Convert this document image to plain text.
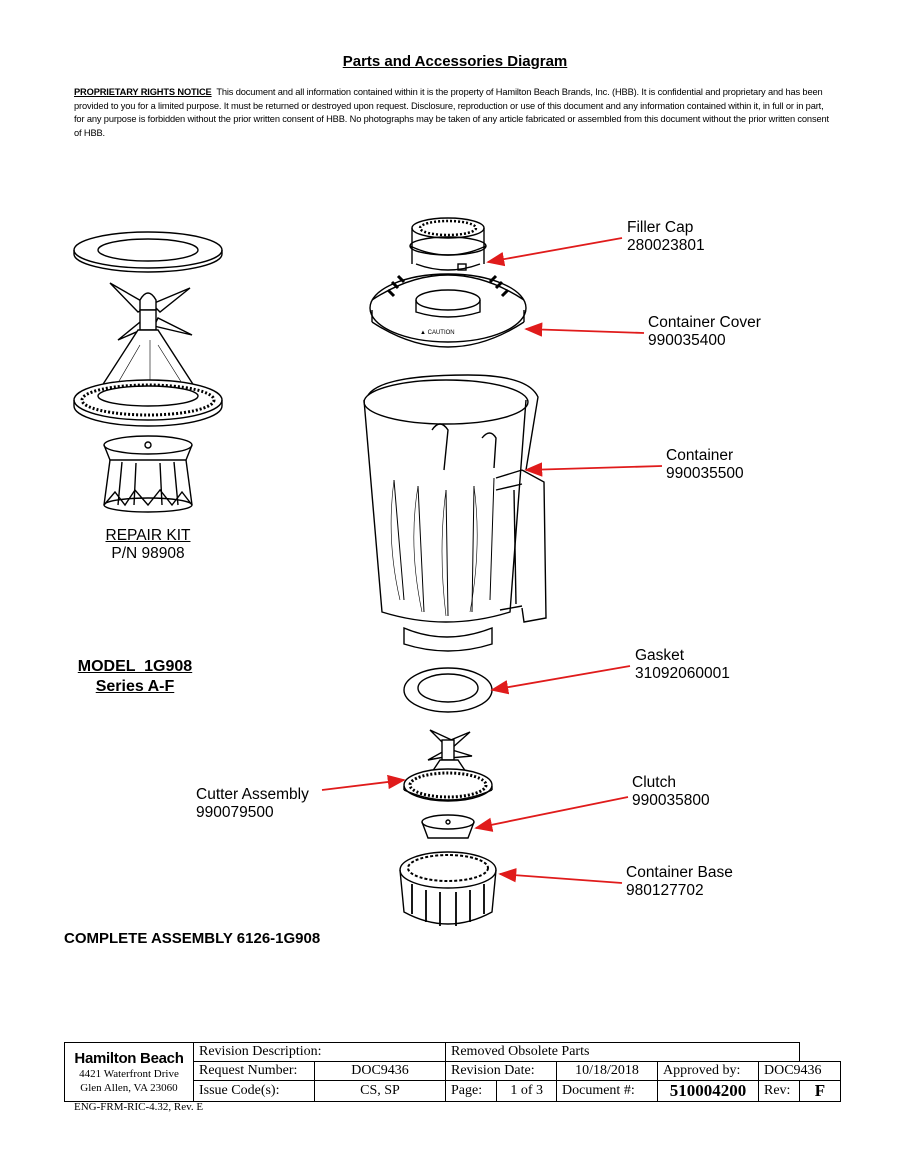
Parts and Accessories Diagram
PROPRIETARY RIGHTS NOTICE This document and all information contained within it is the property of Hamilton Beach Brands, Inc. (HBB). It is confidential and proprietary and has been provided to you for a limited purpose. It must be returned or destroyed upon request. Disclosure, reproduction or use of this document and any information contained within it, in full or in part, for any purpose is forbidden without the prior written consent of HBB. No photographs may be taken of any article fabricated or assembled from this document without the prior written consent of HBB.
▲ CAUTION
Filler Cap
280023801
Container Cover
990035400
Container
990035500
Gasket
31092060001
Cutter Assembly
990079500
Clutch
990035800
Container Base
980127702
REPAIR KIT
P/N 98908
MODEL  1G908
Series A-F
COMPLETE ASSEMBLY 6126-1G908
Hamilton Beach
4421 Waterfront Drive
Glen Allen, VA 23060	Revision Description:		Removed Obsolete Parts					
	Request Number:	DOC9436	Revision Date:		10/18/2018	Approved by:	DOC9436	
	Issue Code(s):	CS, SP	Page:	1 of 3	Document #:	510004200	Rev:	F
ENG-FRM-RIC-4.32, Rev. E
